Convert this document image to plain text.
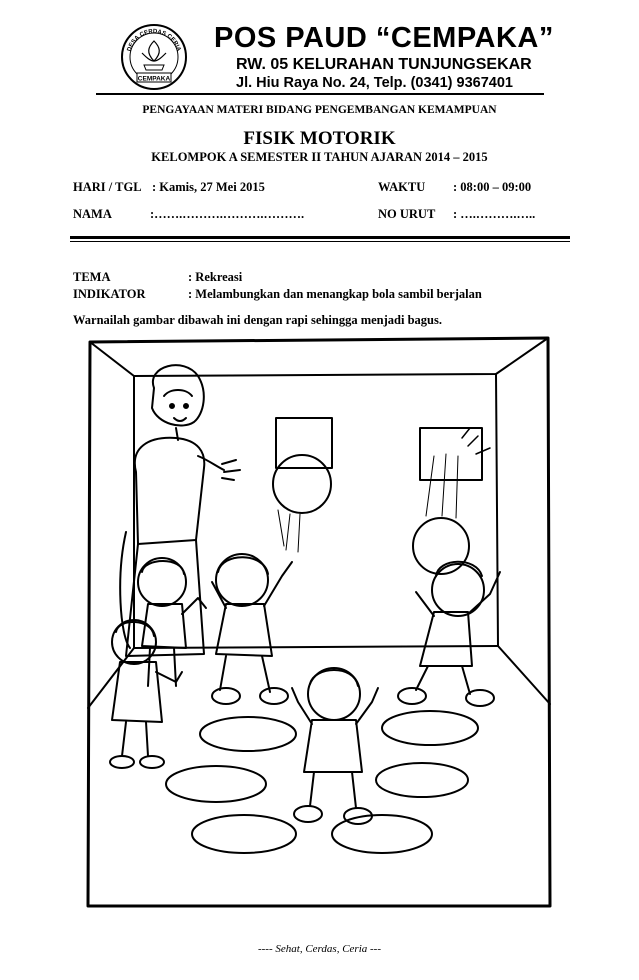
DESA CERDAS CERIA
CEMPAKA
POS PAUD “CEMPAKA”
RW. 05 KELURAHAN TUNJUNGSEKAR
Jl. Hiu Raya No. 24, Telp. (0341) 9367401
PENGAYAAN MATERI BIDANG PENGEMBANGAN KEMAMPUAN
FISIK MOTORIK
KELOMPOK A SEMESTER II TAHUN AJARAN 2014 – 2015
HARI / TGL : Kamis, 27 Mei 2015	WAKTU : 08:00 – 09:00
NAMA	:…….……….……….……….	NO URUT : ….……….…..
TEMA	: Rekreasi
INDIKATOR	: Melambungkan dan menangkap bola sambil berjalan
Warnailah gambar dibawah ini dengan rapi sehingga menjadi bagus.
---- Sehat, Cerdas, Ceria ---
